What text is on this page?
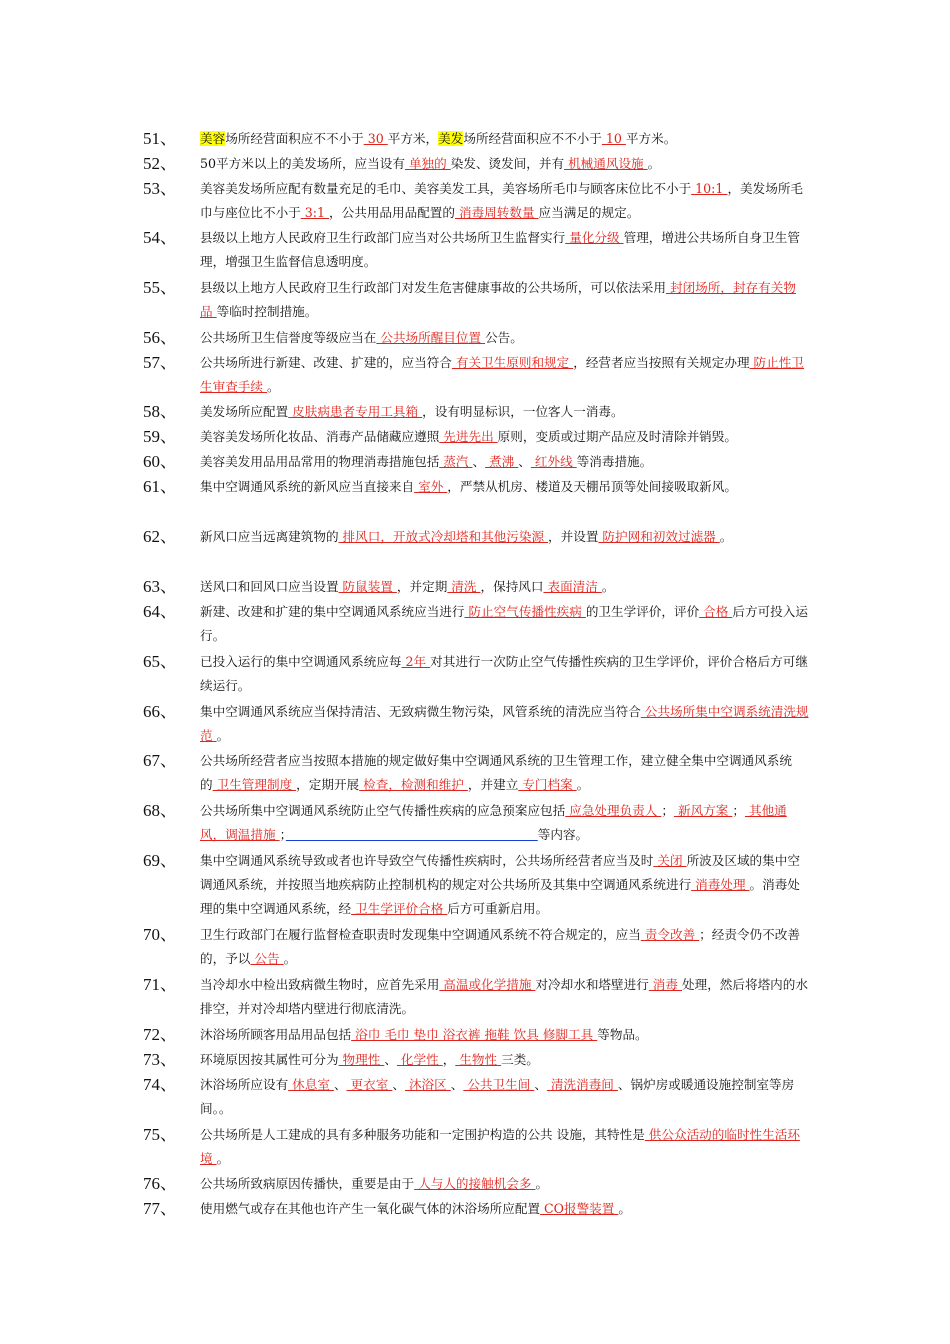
51、	美容场所经营面积应不不小于 30 平方米，美发场所经营面积应不不小于 10 平方米。
52、	50平方米以上的美发场所，应当设有 单独的 染发、烫发间，并有 机械通风设施 。
53、	美容美发场所应配有数量充足的毛巾、美容美发工具，美容场所毛巾与顾客床位比不小于 10:1 ，美发场所毛巾与座位比不小于 3:1 ，公共用品用品配置的 消毒周转数量 应当满足的规定。
54、	县级以上地方人民政府卫生行政部门应当对公共场所卫生监督实行 量化分级 管理，增进公共场所自身卫生管理，增强卫生监督信息透明度。
55、	县级以上地方人民政府卫生行政部门对发生危害健康事故的公共场所，可以依法采用 封闭场所，封存有关物品 等临时控制措施。
56、	公共场所卫生信誉度等级应当在 公共场所醒目位置 公告。
57、	公共场所进行新建、改建、扩建的，应当符合 有关卫生原则和规定 ，经营者应当按照有关规定办理 防止性卫生审查手续 。
58、	美发场所应配置 皮肤病患者专用工具箱 ，设有明显标识，一位客人一消毒。
59、	美容美发场所化妆品、消毒产品储藏应遵照 先进先出 原则，变质或过期产品应及时清除并销毁。
60、	美容美发用品用品常用的物理消毒措施包括 蒸汽 、 煮沸 、 红外线 等消毒措施。
61、	集中空调通风系统的新风应当直接来自 室外 ，严禁从机房、楼道及天棚吊顶等处间接吸取新风。
62、	新风口应当远离建筑物的 排风口，开放式冷却塔和其他污染源 ，并设置 防护网和初效过滤器 。
63、	送风口和回风口应当设置 防鼠装置 ，并定期 清洗 ，保持风口 表面清洁 。
64、	新建、改建和扩建的集中空调通风系统应当进行 防止空气传播性疾病 的卫生学评价，评价 合格 后方可投入运行。
65、	已投入运行的集中空调通风系统应每 2年 对其进行一次防止空气传播性疾病的卫生学评价，评价合格后方可继续运行。
66、	集中空调通风系统应当保持清洁、无致病微生物污染，风管系统的清洗应当符合 公共场所集中空调系统清洗规范 。
67、	公共场所经营者应当按照本措施的规定做好集中空调通风系统的卫生管理工作，建立健全集中空调通风系统的 卫生管理制度 ，定期开展 检查，检测和维护 ，并建立 专门档案 。
68、	公共场所集中空调通风系统防止空气传播性疾病的应急预案应包括 应急处理负责人 ； 新风方案 ； 其他通风，调温措施 ；　　　　　　　　　　　　　　　　　　　　	等内容。
69、	集中空调通风系统导致或者也许导致空气传播性疾病时，公共场所经营者应当及时 关闭 所波及区域的集中空调通风系统，并按照当地疾病防止控制机构的规定对公共场所及其集中空调通风系统进行 消毒处理 。消毒处理的集中空调通风系统，经 卫生学评价合格 后方可重新启用。
70、	卫生行政部门在履行监督检查职责时发现集中空调通风系统不符合规定的，应当 责令改善 ；经责令仍不改善的，予以 公告 。
71、	当冷却水中检出致病微生物时，应首先采用 高温或化学措施 对冷却水和塔壁进行 消毒 处理，然后将塔内的水排空，并对冷却塔内壁进行彻底清洗。
72、	沐浴场所顾客用品用品包括 浴巾 毛巾 垫巾 浴衣裤 拖鞋 饮具 修脚工具 等物品。
73、	环境原因按其属性可分为 物理性 、 化学性 ， 生物性 三类。
74、	沐浴场所应设有 休息室 、 更衣室 、 沐浴区 、 公共卫生间 、 清洗消毒间 、锅炉房或暖通设施控制室等房间。。
75、	公共场所是人工建成的具有多种服务功能和一定围护构造的公共 设施，其特性是 供公众活动的临时性生活环境 。
76、	公共场所致病原因传播快，重要是由于 人与人的接触机会多 。
77、	使用燃气或存在其他也许产生一氧化碳气体的沐浴场所应配置 CO报警装置 。
